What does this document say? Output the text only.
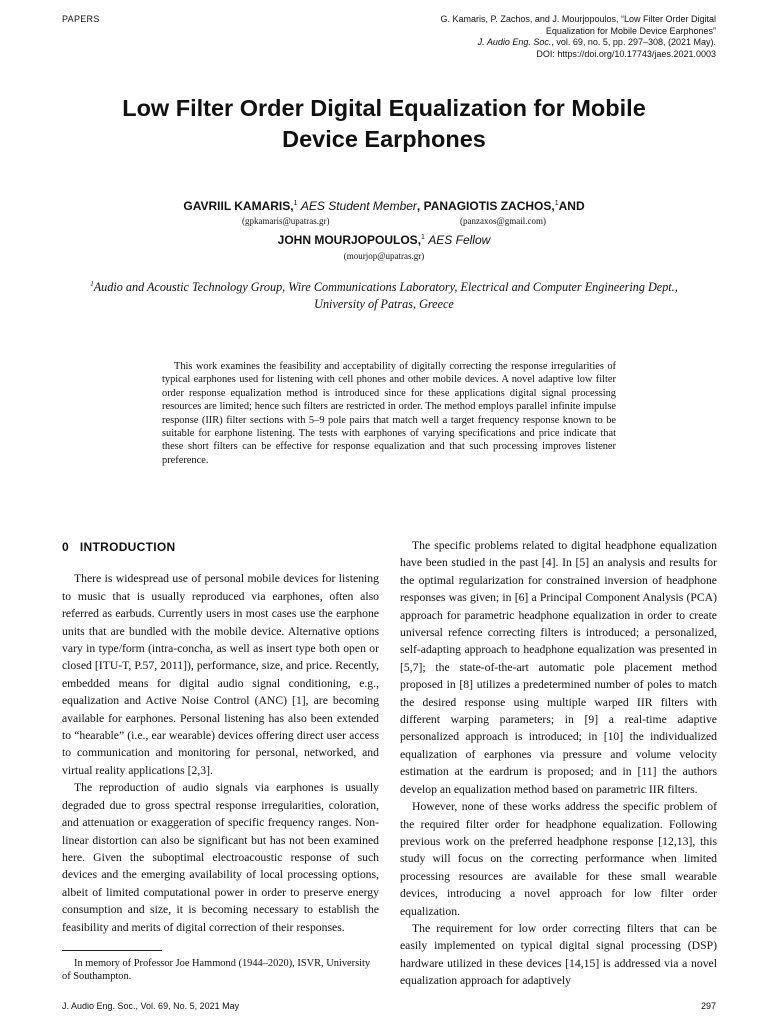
PAPERS	G. Kamaris, P. Zachos, and J. Mourjopoulos, “Low Filter Order Digital
Equalization for Mobile Device Earphones”
J. Audio Eng. Soc., vol. 69, no. 5, pp. 297–308, (2021 May).
DOI: https://doi.org/10.17743/jaes.2021.0003
Low Filter Order Digital Equalization for Mobile
Device Earphones
GAVRIIL KAMARIS,$^1$ AES Student Member, PANAGIOTIS ZACHOS,$^1$AND
(gpkamaris@upatras.gr)	(panzaxos@gmail.com)
JOHN MOURJOPOULOS,$^1$ AES Fellow
(mourjop@upatras.gr)
$^1$Audio and Acoustic Technology Group, Wire Communications Laboratory, Electrical and Computer Engineering Dept.,
University of Patras, Greece

This work examines the feasibility and acceptability of digitally correcting the response irregularities of typical earphones used for listening with cell phones and other mobile devices. A novel adaptive low filter order response equalization method is introduced since for these applications digital signal processing resources are limited; hence such filters are restricted in order. The method employs parallel infinite impulse response (IIR) filter sections with 5–9 pole pairs that match well a target frequency response known to be suitable for earphone listening. The tests with earphones of varying specifications and price indicate that these short filters can be effective for response equalization and that such processing improves listener preference.

0 INTRODUCTION

There is widespread use of personal mobile devices for listening to music that is usually reproduced via earphones, often also referred as earbuds. Currently users in most cases use the earphone units that are bundled with the mobile device. Alternative options vary in type/form (intra-concha, as well as insert type both open or closed [ITU-T, P.57, 2011]), performance, size, and price. Recently, embedded means for digital audio signal conditioning, e.g., equalization and Active Noise Control (ANC) [1], are becoming available for earphones. Personal listening has also been extended to “hearable” (i.e., ear wearable) devices offering direct user access to communication and monitoring for personal, networked, and virtual reality applications [2,3].

The reproduction of audio signals via earphones is usually degraded due to gross spectral response irregularities, coloration, and attenuation or exaggeration of specific frequency ranges. Non-linear distortion can also be significant but has not been examined here. Given the suboptimal electroacoustic response of such devices and the emerging availability of local processing options, albeit of limited computational power in order to preserve energy consumption and size, it is becoming necessary to establish the feasibility and merits of digital correction of their responses.

In memory of Professor Joe Hammond (1944–2020), ISVR, University of Southampton.

The specific problems related to digital headphone equalization have been studied in the past [4]. In [5] an analysis and results for the optimal regularization for constrained inversion of headphone responses was given; in [6] a Principal Component Analysis (PCA) approach for parametric headphone equalization in order to create universal refence correcting filters is introduced; a personalized, self-adapting approach to headphone equalization was presented in [5,7]; the state-of-the-art automatic pole placement method proposed in [8] utilizes a predetermined number of poles to match the desired response using multiple warped IIR filters with different warping parameters; in [9] a real-time adaptive personalized approach is introduced; in [10] the individualized equalization of earphones via pressure and volume velocity estimation at the eardrum is proposed; and in [11] the authors develop an equalization method based on parametric IIR filters.

However, none of these works address the specific problem of the required filter order for headphone equalization. Following previous work on the preferred headphone response [12,13], this study will focus on the correcting performance when limited processing resources are available for these small wearable devices, introducing a novel approach for low filter order equalization.

The requirement for low order correcting filters that can be easily implemented on typical digital signal processing (DSP) hardware utilized in these devices [14,15] is addressed via a novel equalization approach for adaptively

J. Audio Eng. Soc., Vol. 69, No. 5, 2021 May	297
